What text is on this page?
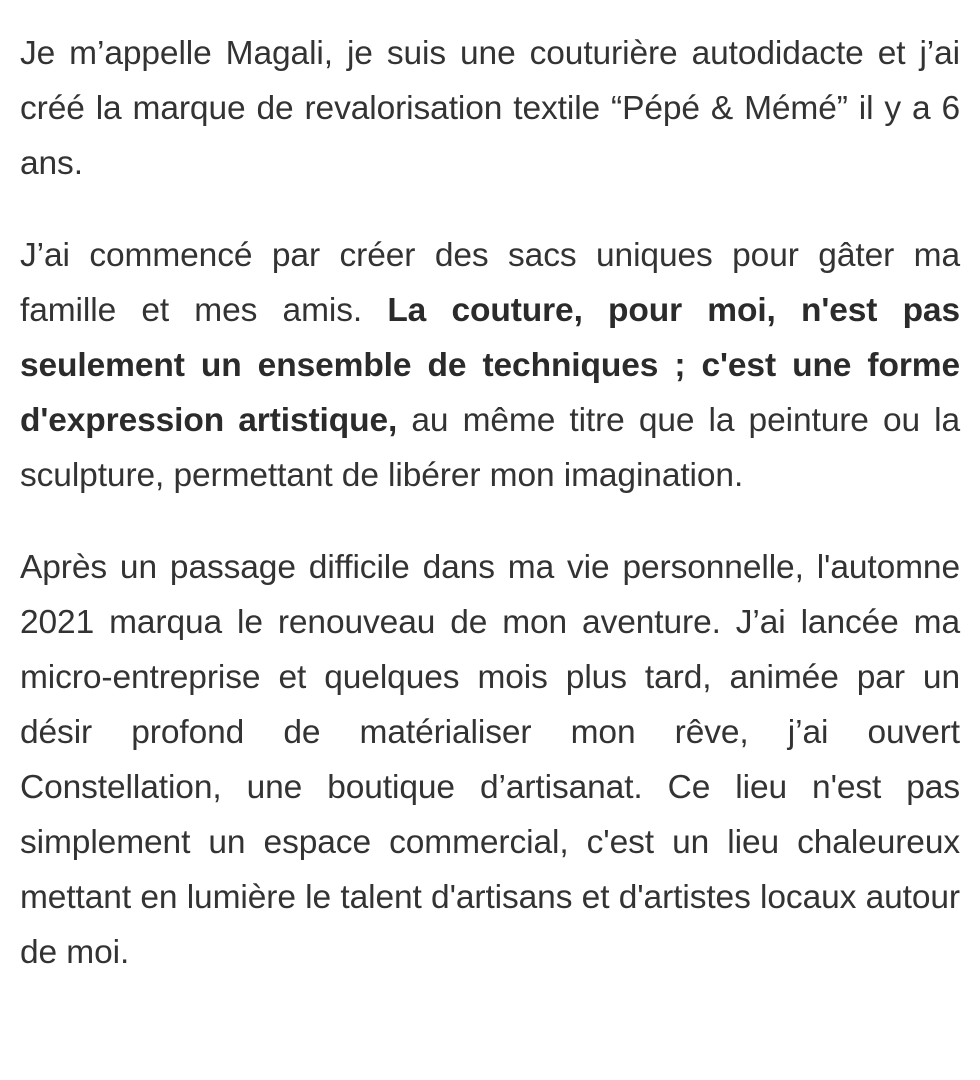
Je m’appelle Magali, je suis une couturière autodidacte et j’ai créé la marque de revalorisation textile “Pépé & Mémé” il y a 6 ans.

J’ai commencé par créer des sacs uniques pour gâter ma famille et mes amis. La couture, pour moi, n'est pas seulement un ensemble de techniques ; c'est une forme d'expression artistique, au même titre que la peinture ou la sculpture, permettant de libérer mon imagination.

Après un passage difficile dans ma vie personnelle, l'automne 2021 marqua le renouveau de mon aventure. J’ai lancée ma micro-entreprise et quelques mois plus tard, animée par un désir profond de matérialiser mon rêve, j’ai ouvert Constellation, une boutique d’artisanat. Ce lieu n'est pas simplement un espace commercial, c'est un lieu chaleureux mettant en lumière le talent d'artisans et d'artistes locaux autour de moi.
